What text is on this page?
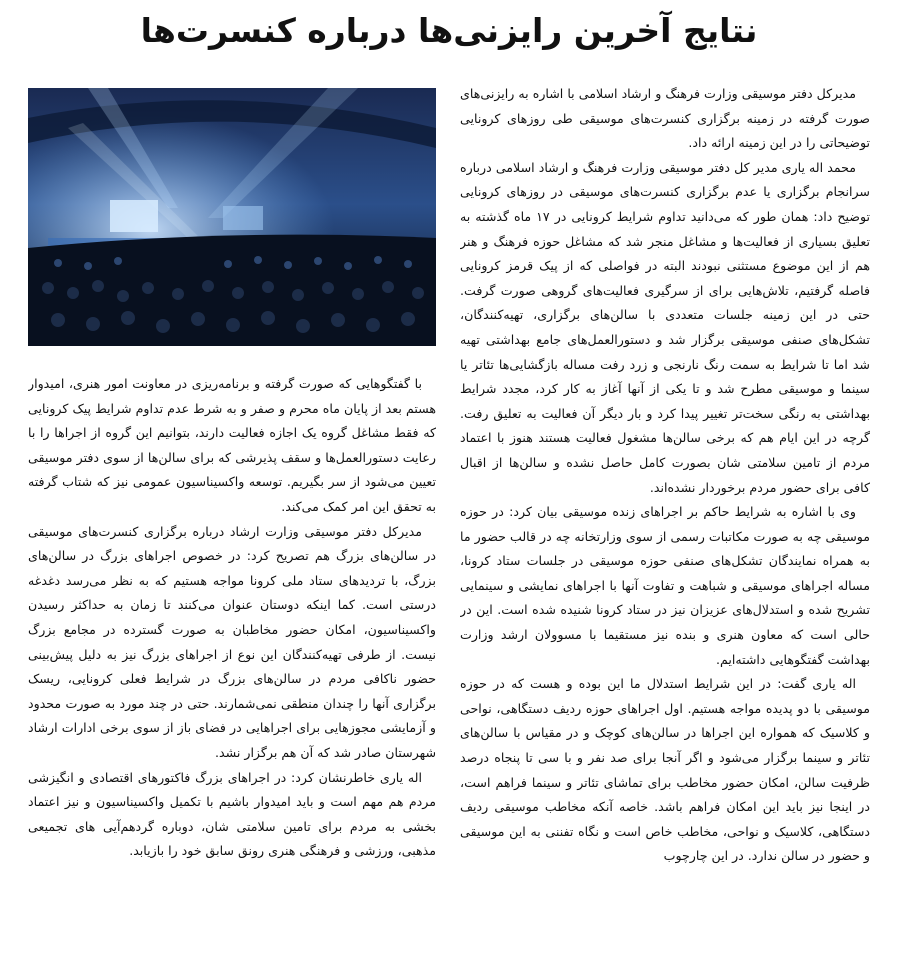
نتایج آخرین رایزنی‌ها درباره کنسرت‌ها

مدیرکل دفتر موسیقی وزارت فرهنگ و ارشاد اسلامی با اشاره به رایزنی‌های صورت گرفته در زمینه برگزاری کنسرت‌های موسیقی طی روزهای کرونایی توضیحاتی را در این زمینه ارائه داد.

محمد اله یاری مدیر کل دفتر موسیقی وزارت فرهنگ و ارشاد اسلامی درباره سرانجام برگزاری یا عدم برگزاری کنسرت‌های موسیقی در روزهای کرونایی توضیح داد: همان طور که می‌دانید تداوم شرایط کرونایی در ۱۷ ماه گذشته به تعلیق بسیاری از فعالیت‌ها و مشاغل منجر شد که مشاغل حوزه فرهنگ و هنر هم از این موضوع مستثنی نبودند البته در فواصلی که از پیک قرمز کرونایی فاصله گرفتیم، تلاش‌هایی برای از سرگیری فعالیت‌های گروهی صورت گرفت. حتی در این زمینه جلسات متعددی با سالن‌های برگزاری، تهیه‌کنندگان، تشکل‌های صنفی موسیقی برگزار شد و دستورالعمل‌های جامع بهداشتی تهیه شد اما تا شرایط به سمت رنگ نارنجی و زرد رفت مساله بازگشایی‌ها تئاتر یا سینما و موسیقی مطرح شد و تا یکی از آنها آغاز به کار کرد، مجدد شرایط بهداشتی به رنگی سخت‌تر تغییر پیدا کرد و بار دیگر آن فعالیت به تعلیق رفت. گرچه در این ایام هم که برخی سالن‌ها مشغول فعالیت هستند هنوز با اعتماد مردم از تامین سلامتی شان بصورت کامل حاصل نشده و سالن‌ها از اقبال کافی برای حضور مردم برخوردار نشده‌اند.

وی با اشاره به شرایط حاکم بر اجراهای زنده موسیقی بیان کرد: در حوزه موسیقی چه به صورت مکاتبات رسمی از سوی وزارتخانه چه در قالب حضور ما به همراه نمایندگان تشکل‌های صنفی حوزه موسیقی در جلسات ستاد کرونا، مساله اجراهای موسیقی و شباهت و تفاوت آنها با اجراهای نمایشی و سینمایی تشریح شده و استدلال‌های عزیزان نیز در ستاد کرونا شنیده شده است. این در حالی است که معاون هنری و بنده نیز مستقیما با مسوولان ارشد وزارت بهداشت گفتگوهایی داشته‌ایم.

اله یاری گفت: در این شرایط استدلال ما این بوده و هست که در حوزه موسیقی با دو پدیده مواجه هستیم. اول اجراهای حوزه ردیف دستگاهی، نواحی و کلاسیک که همواره این اجراها در سالن‌های کوچک و در مقیاس با سالن‌های تئاتر و سینما برگزار می‌شود و اگر آنجا برای صد نفر و با سی تا پنجاه درصد ظرفیت سالن، امکان حضور مخاطب برای تماشای تئاتر و سینما فراهم است، در اینجا نیز باید این امکان فراهم باشد. خاصه آنکه مخاطب موسیقی ردیف دستگاهی، کلاسیک و نواحی، مخاطب خاص است و نگاه تفننی به این موسیقی و حضور در سالن ندارد. در این چارچوب

با گفتگوهایی که صورت گرفته و برنامه‌ریزی در معاونت امور هنری، امیدوار هستم بعد از پایان ماه محرم و صفر و به شرط عدم تداوم شرایط پیک کرونایی که فقط مشاغل گروه یک اجازه فعالیت دارند، بتوانیم این گروه از اجراها را با رعایت دستورالعمل‌ها و سقف پذیرشی که برای سالن‌ها از سوی دفتر موسیقی تعیین می‌شود از سر بگیریم. توسعه واکسیناسیون عمومی نیز که شتاب گرفته به تحقق این امر کمک می‌کند.

مدیرکل دفتر موسیقی وزارت ارشاد درباره برگزاری کنسرت‌های موسیقی در سالن‌های بزرگ هم تصریح کرد: در خصوص اجراهای بزرگ در سالن‌های بزرگ، با تردیدهای ستاد ملی کرونا مواجه هستیم که به نظر می‌رسد دغدغه درستی است. کما اینکه دوستان عنوان می‌کنند تا زمان به حداکثر رسیدن واکسیناسیون، امکان حضور مخاطبان به صورت گسترده در مجامع بزرگ نیست. از طرفی تهیه‌کنندگان این نوع از اجراهای بزرگ نیز به دلیل پیش‌بینی حضور ناکافی مردم در سالن‌های بزرگ در شرایط فعلی کرونایی، ریسک برگزاری آنها را چندان منطقی نمی‌شمارند. حتی در چند مورد به صورت محدود و آزمایشی مجوزهایی برای اجراهایی در فضای باز از سوی برخی ادارات ارشاد شهرستان صادر شد که آن هم برگزار نشد.

اله یاری خاطرنشان کرد: در اجراهای بزرگ فاکتورهای اقتصادی و انگیزشی مردم هم مهم است و باید امیدوار باشیم با تکمیل واکسیناسیون و نیز اعتماد بخشی به مردم برای تامین سلامتی شان، دوباره گردهم‌آیی های تجمیعی مذهبی، ورزشی و فرهنگی هنری رونق سابق خود را بازیابد.
